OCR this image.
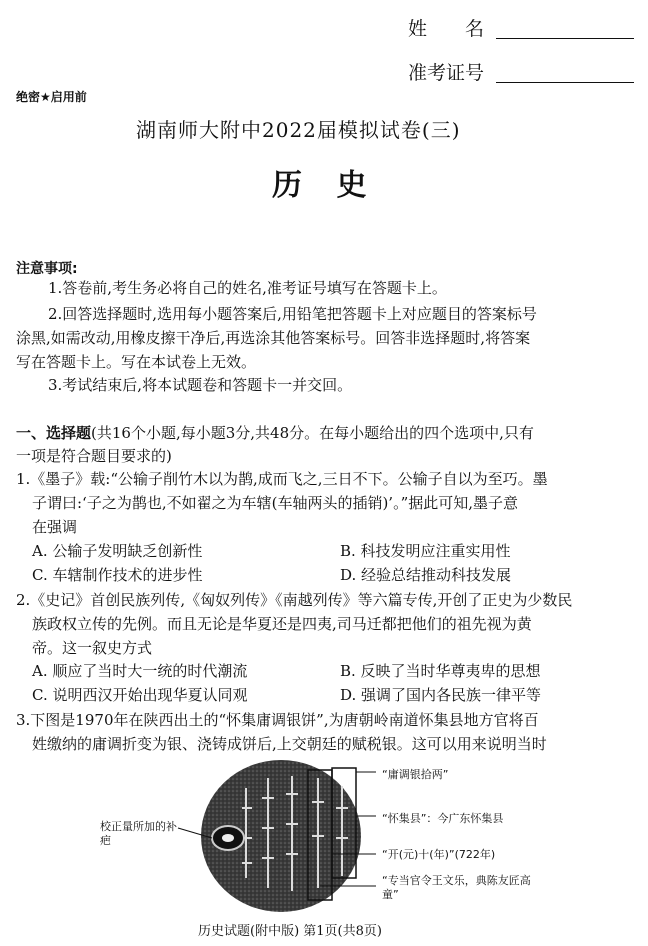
姓　　名
准考证号
绝密★启用前
湖南师大附中2022届模拟试卷(三)
历 史
注意事项:
1.答卷前,考生务必将自己的姓名,准考证号填写在答题卡上。
2.回答选择题时,选用每小题答案后,用铅笔把答题卡上对应题目的答案标号
涂黑,如需改动,用橡皮擦干净后,再选涂其他答案标号。回答非选择题时,将答案
写在答题卡上。写在本试卷上无效。
3.考试结束后,将本试题卷和答题卡一并交回。
一、选择题(共16个小题,每小题3分,共48分。在每小题给出的四个选项中,只有
一项是符合题目要求的)
1.《墨子》载:“公输子削竹木以为鹊,成而飞之,三日不下。公输子自以为至巧。墨
子谓曰:‘子之为鹊也,不如翟之为车辖(车轴两头的插销)’。”据此可知,墨子意
在强调
A. 公输子发明缺乏创新性	B. 科技发明应注重实用性
C. 车辖制作技术的进步性	D. 经验总结推动科技发展
2.《史记》首创民族列传,《匈奴列传》《南越列传》等六篇专传,开创了正史为少数民
族政权立传的先例。而且无论是华夏还是四夷,司马迁都把他们的祖先视为黄
帝。这一叙史方式
A. 顺应了当时大一统的时代潮流	B. 反映了当时华尊夷卑的思想
C. 说明西汉开始出现华夏认同观	D. 强调了国内各民族一律平等
3.下图是1970年在陕西出土的“怀集庸调银饼”,为唐朝岭南道怀集县地方官将百
姓缴纳的庸调折变为银、浇铸成饼后,上交朝廷的赋税银。这可以用来说明当时
校正量所加的补疤
“庸调银拾两”
“怀集县”：今广东怀集县
“开(元)十(年)”(722年)
“专当官令王文乐，典陈友匠高童”
历史试题(附中版) 第1页(共8页)
